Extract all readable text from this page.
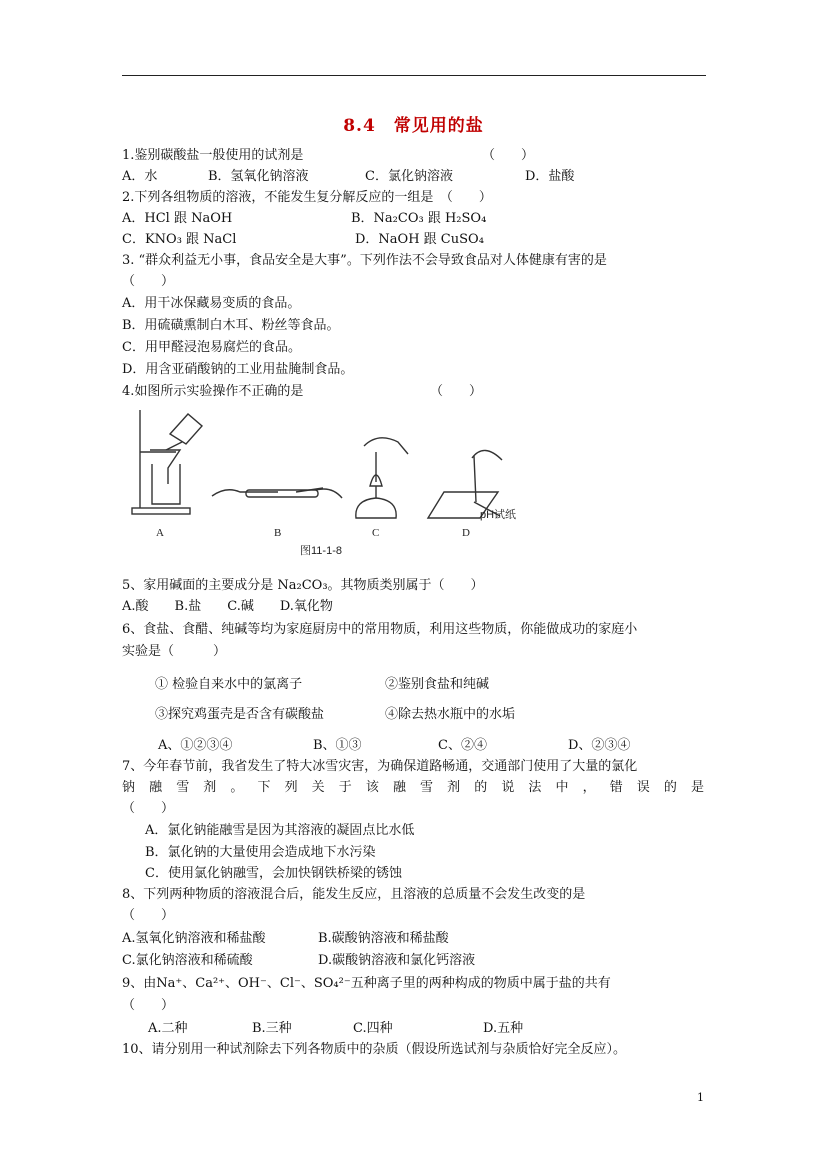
8.4　常见用的盐
1.鉴别碳酸盐一般使用的试剂是	（　　）
A．水	B．氢氧化钠溶液	C．氯化钠溶液	D．盐酸
2.下列各组物质的溶液，不能发生复分解反应的一组是　（　　）
A．HCl 跟 NaOH	B．Na₂CO₃ 跟 H₂SO₄
C．KNO₃ 跟 NaCl	D．NaOH 跟 CuSO₄
3. “群众利益无小事，食品安全是大事”。下列作法不会导致食品对人体健康有害的是
（　　）
A．用干冰保藏易变质的食品。
B．用硫磺熏制白木耳、粉丝等食品。
C．用甲醛浸泡易腐烂的食品。
D．用含亚硝酸钠的工业用盐腌制食品。
4.如图所示实验操作不正确的是	（　　）
A	B	C	D
pH试纸
图11-1-8
5、家用碱面的主要成分是 Na₂CO₃。其物质类别属于（　　）
A.酸　　B.盐　　C.碱　　D.氧化物
6、食盐、食醋、纯碱等均为家庭厨房中的常用物质，利用这些物质，你能做成功的家庭小
实验是（　　　）
① 检验自来水中的氯离子	②鉴别食盐和纯碱
③探究鸡蛋壳是否含有碳酸盐	④除去热水瓶中的水垢
A、①②③④	B、①③	C、②④	D、②③④
7、今年春节前，我省发生了特大冰雪灾害，为确保道路畅通，交通部门使用了大量的氯化
钠融雪剂。下列关于该融雪剂的说法中，错误的是
（　　）
A．氯化钠能融雪是因为其溶液的凝固点比水低
B．氯化钠的大量使用会造成地下水污染
C．使用氯化钠融雪，会加快钢铁桥梁的锈蚀
8、下列两种物质的溶液混合后，能发生反应，且溶液的总质量不会发生改变的是
（　　）
A.氢氧化钠溶液和稀盐酸	B.碳酸钠溶液和稀盐酸
C.氯化钠溶液和稀硫酸	D.碳酸钠溶液和氯化钙溶液
9、由Na⁺、Ca²⁺、OH⁻、Cl⁻、SO₄²⁻五种离子里的两种构成的物质中属于盐的共有
（　　）
A.二种	B.三种	C.四种	D.五种
10、请分别用一种试剂除去下列各物质中的杂质（假设所选试剂与杂质恰好完全反应）。
1
